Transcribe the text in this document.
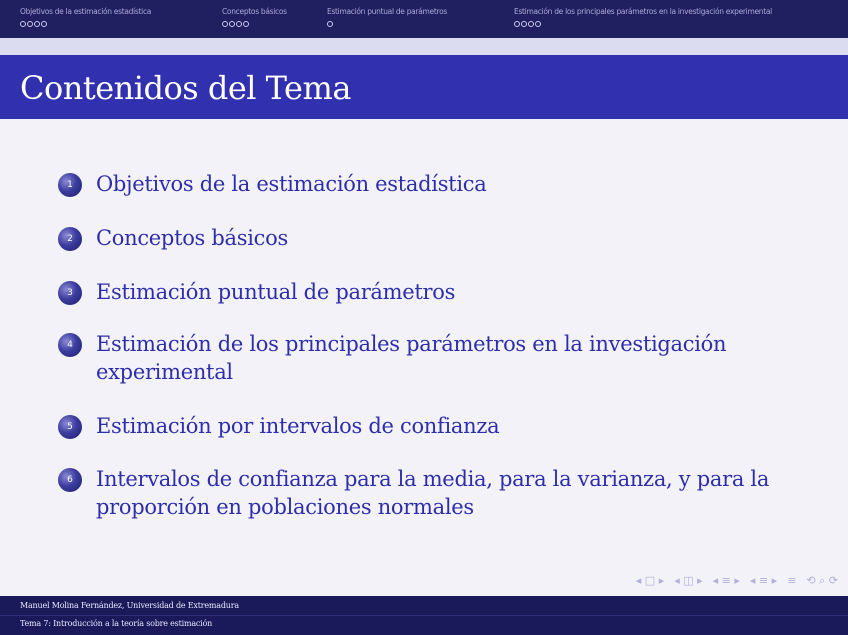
Objetivos de la estimación estadística	Conceptos básicos	Estimación puntual de parámetros	Estimación de los principales parámetros en la investigación experimental
Contenidos del Tema
1	Objetivos de la estimación estadística
2	Conceptos básicos
3	Estimación puntual de parámetros
4	Estimación de los principales parámetros en la investigación experimental
5	Estimación por intervalos de confianza
6	Intervalos de confianza para la media, para la varianza, y para la proporción en poblaciones normales
◂ □ ▸ ◂ ◫ ▸ ◂ ≡ ▸ ◂ ≡ ▸ ≡ ⟲ ⌕ ⟳
Manuel Molina Fernández, Universidad de Extremadura
Tema 7: Introducción a la teoría sobre estimación
